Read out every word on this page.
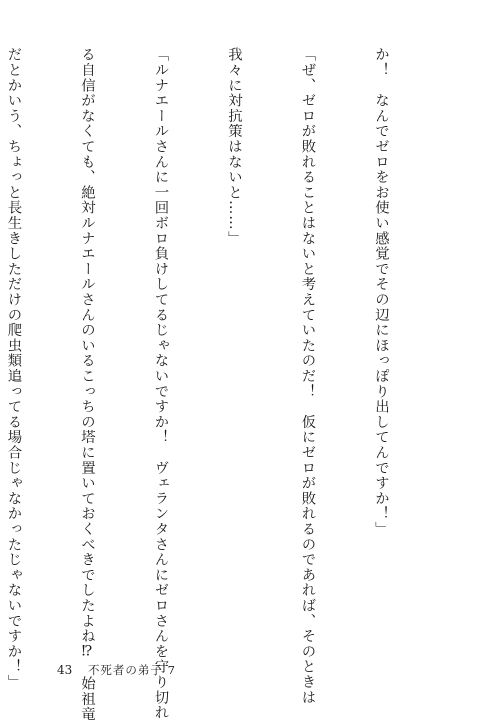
か！　なんでゼロをお使い感覚でその辺にほっぽり出してんですか！」

「ぜ、ゼロが敗れることはないと考えていたのだ！　仮にゼロが敗れるのであれば、そのときは

我々に対抗策はないと……」

「ルナエールさんに一回ボロ負けしてるじゃないですか！　ヴェランタさんにゼロさんを守り切れ

る自信がなくても、絶対ルナエールさんのいるこっちの塔に置いておくべきでしたよね⁉　始祖竜

だとかいう、ちょっと長生きしただけの爬虫類追ってる場合じゃなかったじゃないですか！」

	43 不死者の弟子 7
